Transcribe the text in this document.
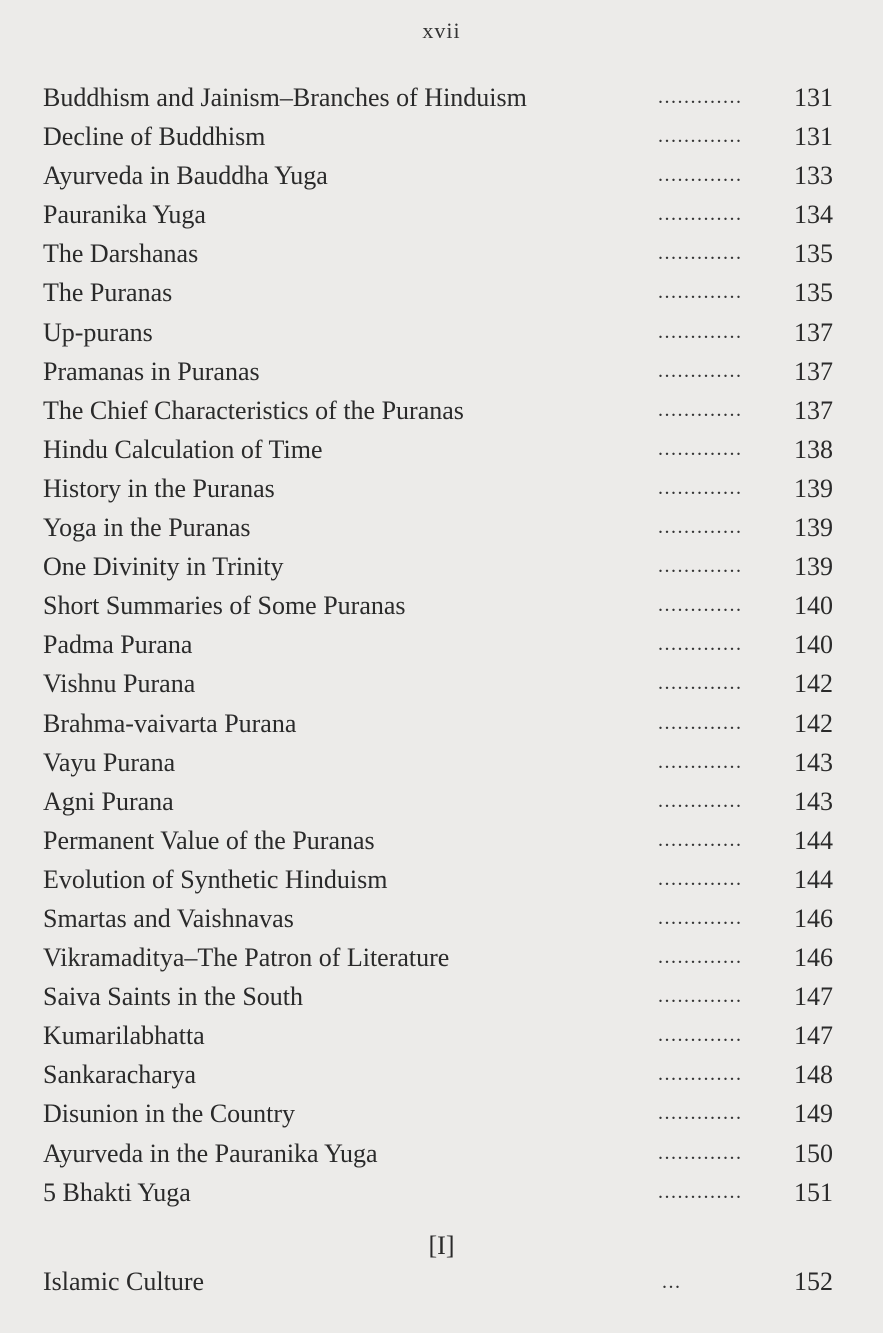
xvii
Buddhism and Jainism–Branches of Hinduism	............. 131
Decline of Buddhism	............. 131
Ayurveda in Bauddha Yuga	............. 133
Pauranika Yuga	............. 134
The Darshanas	............. 135
The Puranas	............. 135
Up-purans	............. 137
Pramanas in Puranas	............. 137
The Chief Characteristics of the Puranas	............. 137
Hindu Calculation of Time	............. 138
History in the Puranas	............. 139
Yoga in the Puranas	............. 139
One Divinity in Trinity	............. 139
Short Summaries of Some Puranas	............. 140
Padma Purana	............. 140
Vishnu Purana	............. 142
Brahma-vaivarta Purana	............. 142
Vayu Purana	............. 143
Agni Purana	............. 143
Permanent Value of the Puranas	............. 144
Evolution of Synthetic Hinduism	............. 144
Smartas and Vaishnavas	............. 146
Vikramaditya–The Patron of Literature	............. 146
Saiva Saints in the South	............. 147
Kumarilabhatta	............. 147
Sankaracharya	............. 148
Disunion in the Country	............. 149
Ayurveda in the Pauranika Yuga	............. 150
5 Bhakti Yuga	............. 151
[I]
Islamic Culture	...	152
